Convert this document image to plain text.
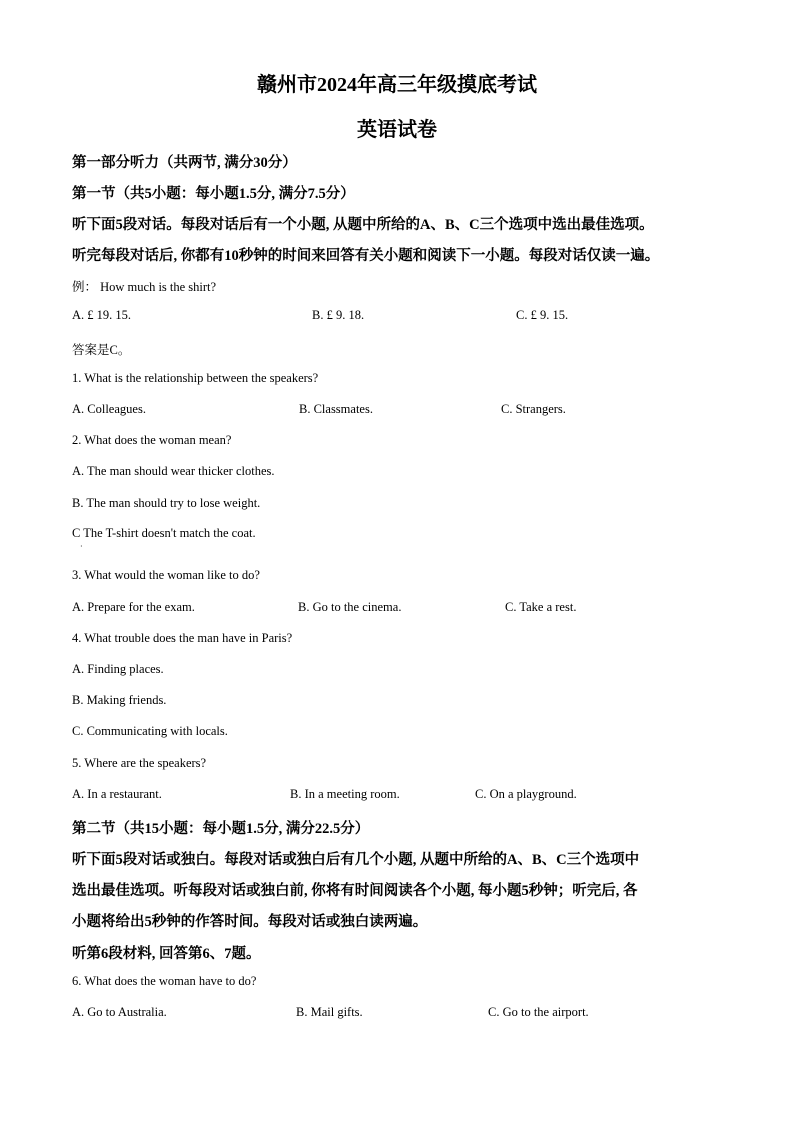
赣州市2024年高三年级摸底考试
英语试卷
第一部分听力（共两节, 满分30分）
第一节（共5小题：每小题1.5分, 满分7.5分）
听下面5段对话。每段对话后有一个小题, 从题中所给的A、B、C三个选项中选出最佳选项。
听完每段对话后, 你都有10秒钟的时间来回答有关小题和阅读下一小题。每段对话仅读一遍。
例： How much is the shirt?
A. £ 19. 15.	B. £ 9. 18.	C. £ 9. 15.
答案是C。
1. What is the relationship between the speakers?
A. Colleagues.	B. Classmates.	C. Strangers.
2. What does the woman mean?
A. The man should wear thicker clothes.
B. The man should try to lose weight.
C The T-shirt doesn't match the coat.
·
3. What would the woman like to do?
A. Prepare for the exam.	B. Go to the cinema.	C. Take a rest.
4. What trouble does the man have in Paris?
A. Finding places.
B. Making friends.
C. Communicating with locals.
5. Where are the speakers?
A. In a restaurant.	B. In a meeting room.	C. On a playground.
第二节（共15小题：每小题1.5分, 满分22.5分）
听下面5段对话或独白。每段对话或独白后有几个小题, 从题中所给的A、B、C三个选项中
选出最佳选项。听每段对话或独白前, 你将有时间阅读各个小题, 每小题5秒钟；听完后, 各
小题将给出5秒钟的作答时间。每段对话或独白读两遍。
听第6段材料, 回答第6、7题。
6. What does the woman have to do?
A. Go to Australia.	B. Mail gifts.	C. Go to the airport.
